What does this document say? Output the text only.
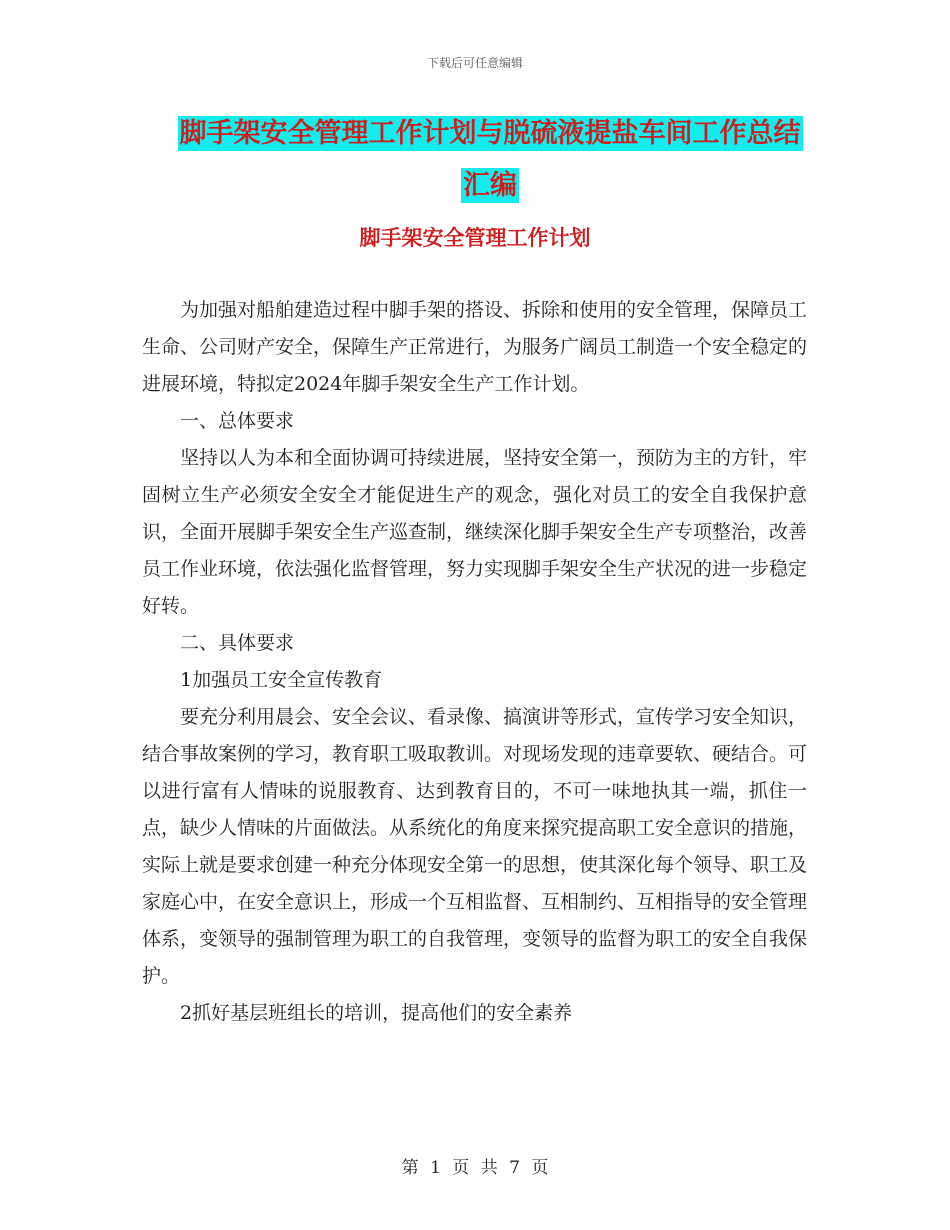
下载后可任意编辑
脚手架安全管理工作计划与脱硫液提盐车间工作总结
汇编
脚手架安全管理工作计划

为加强对船舶建造过程中脚手架的搭设、拆除和使用的安全管理，保障员工生命、公司财产安全，保障生产正常进行，为服务广阔员工制造一个安全稳定的进展环境，特拟定2024年脚手架安全生产工作计划。

一、总体要求

坚持以人为本和全面协调可持续进展，坚持安全第一，预防为主的方针，牢固树立生产必须安全安全才能促进生产的观念，强化对员工的安全自我保护意识，全面开展脚手架安全生产巡查制，继续深化脚手架安全生产专项整治，改善员工作业环境，依法强化监督管理，努力实现脚手架安全生产状况的进一步稳定好转。

二、具体要求

1加强员工安全宣传教育

要充分利用晨会、安全会议、看录像、搞演讲等形式，宣传学习安全知识，结合事故案例的学习，教育职工吸取教训。对现场发现的违章要软、硬结合。可以进行富有人情味的说服教育、达到教育目的，不可一味地执其一端，抓住一点，缺少人情味的片面做法。从系统化的角度来探究提高职工安全意识的措施，实际上就是要求创建一种充分体现安全第一的思想，使其深化每个领导、职工及家庭心中，在安全意识上，形成一个互相监督、互相制约、互相指导的安全管理体系，变领导的强制管理为职工的自我管理，变领导的监督为职工的安全自我保护。

2抓好基层班组长的培训，提高他们的安全素养

第 1 页 共 7 页
